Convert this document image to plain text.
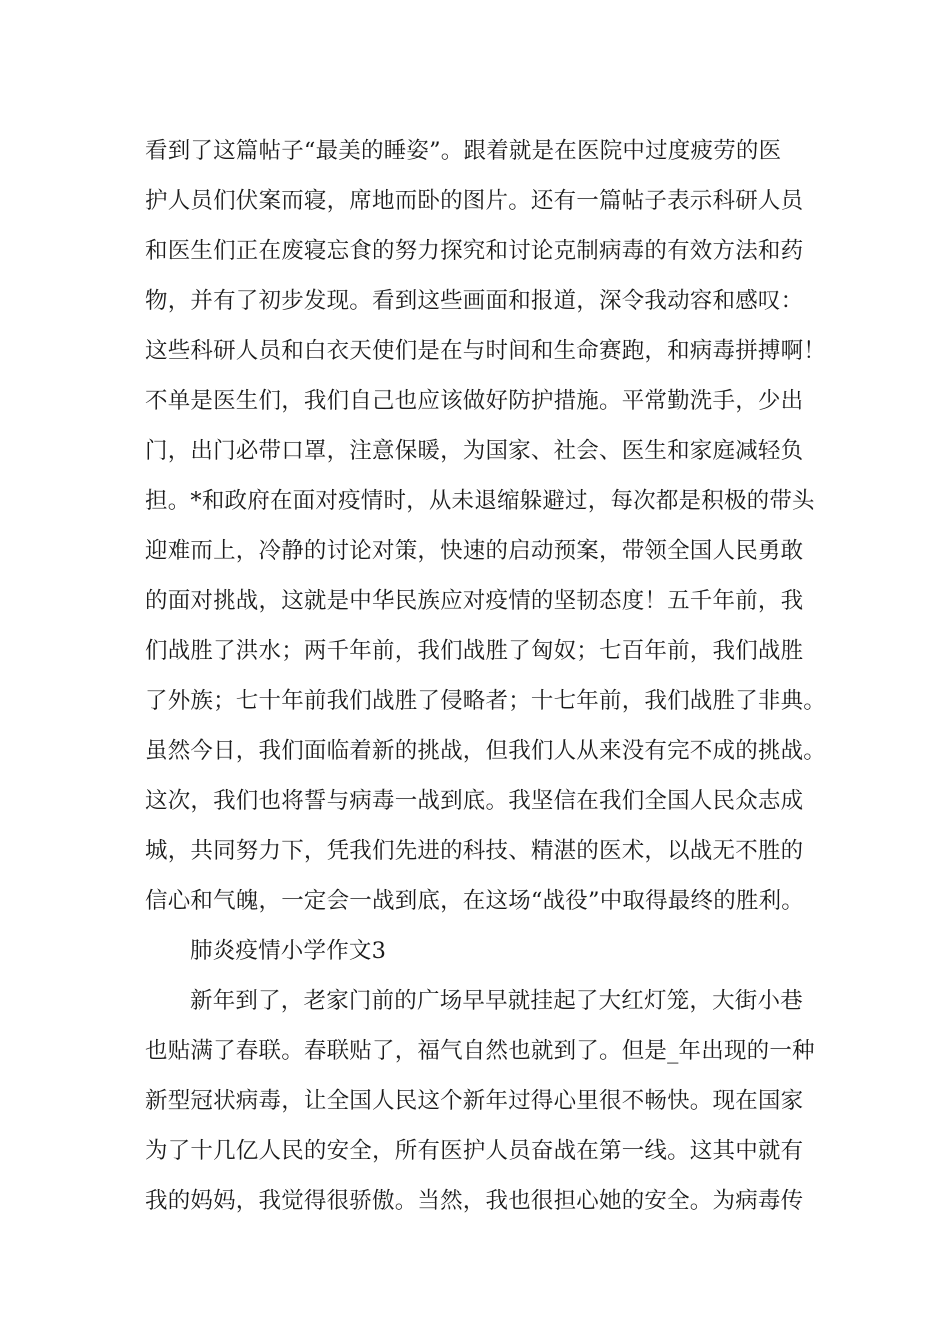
看到了这篇帖子“最美的睡姿”。跟着就是在医院中过度疲劳的医

护人员们伏案而寝，席地而卧的图片。还有一篇帖子表示科研人员

和医生们正在废寝忘食的努力探究和讨论克制病毒的有效方法和药

物，并有了初步发现。看到这些画面和报道，深令我动容和感叹：

这些科研人员和白衣天使们是在与时间和生命赛跑，和病毒拼搏啊！

不单是医生们，我们自己也应该做好防护措施。平常勤洗手，少出

门，出门必带口罩，注意保暖，为国家、社会、医生和家庭减轻负

担。*和政府在面对疫情时，从未退缩躲避过，每次都是积极的带头

迎难而上，冷静的讨论对策，快速的启动预案，带领全国人民勇敢

的面对挑战，这就是中华民族应对疫情的坚韧态度！五千年前，我

们战胜了洪水；两千年前，我们战胜了匈奴；七百年前，我们战胜

了外族；七十年前我们战胜了侵略者；十七年前，我们战胜了非典。

虽然今日，我们面临着新的挑战，但我们人从来没有完不成的挑战。

这次，我们也将誓与病毒一战到底。我坚信在我们全国人民众志成

城，共同努力下，凭我们先进的科技、精湛的医术，以战无不胜的

信心和气魄，一定会一战到底，在这场“战役”中取得最终的胜利。

肺炎疫情小学作文3

新年到了，老家门前的广场早早就挂起了大红灯笼，大街小巷

也贴满了春联。春联贴了，福气自然也就到了。但是_年出现的一种

新型冠状病毒，让全国人民这个新年过得心里很不畅快。现在国家

为了十几亿人民的安全，所有医护人员奋战在第一线。这其中就有

我的妈妈，我觉得很骄傲。当然，我也很担心她的安全。为病毒传
